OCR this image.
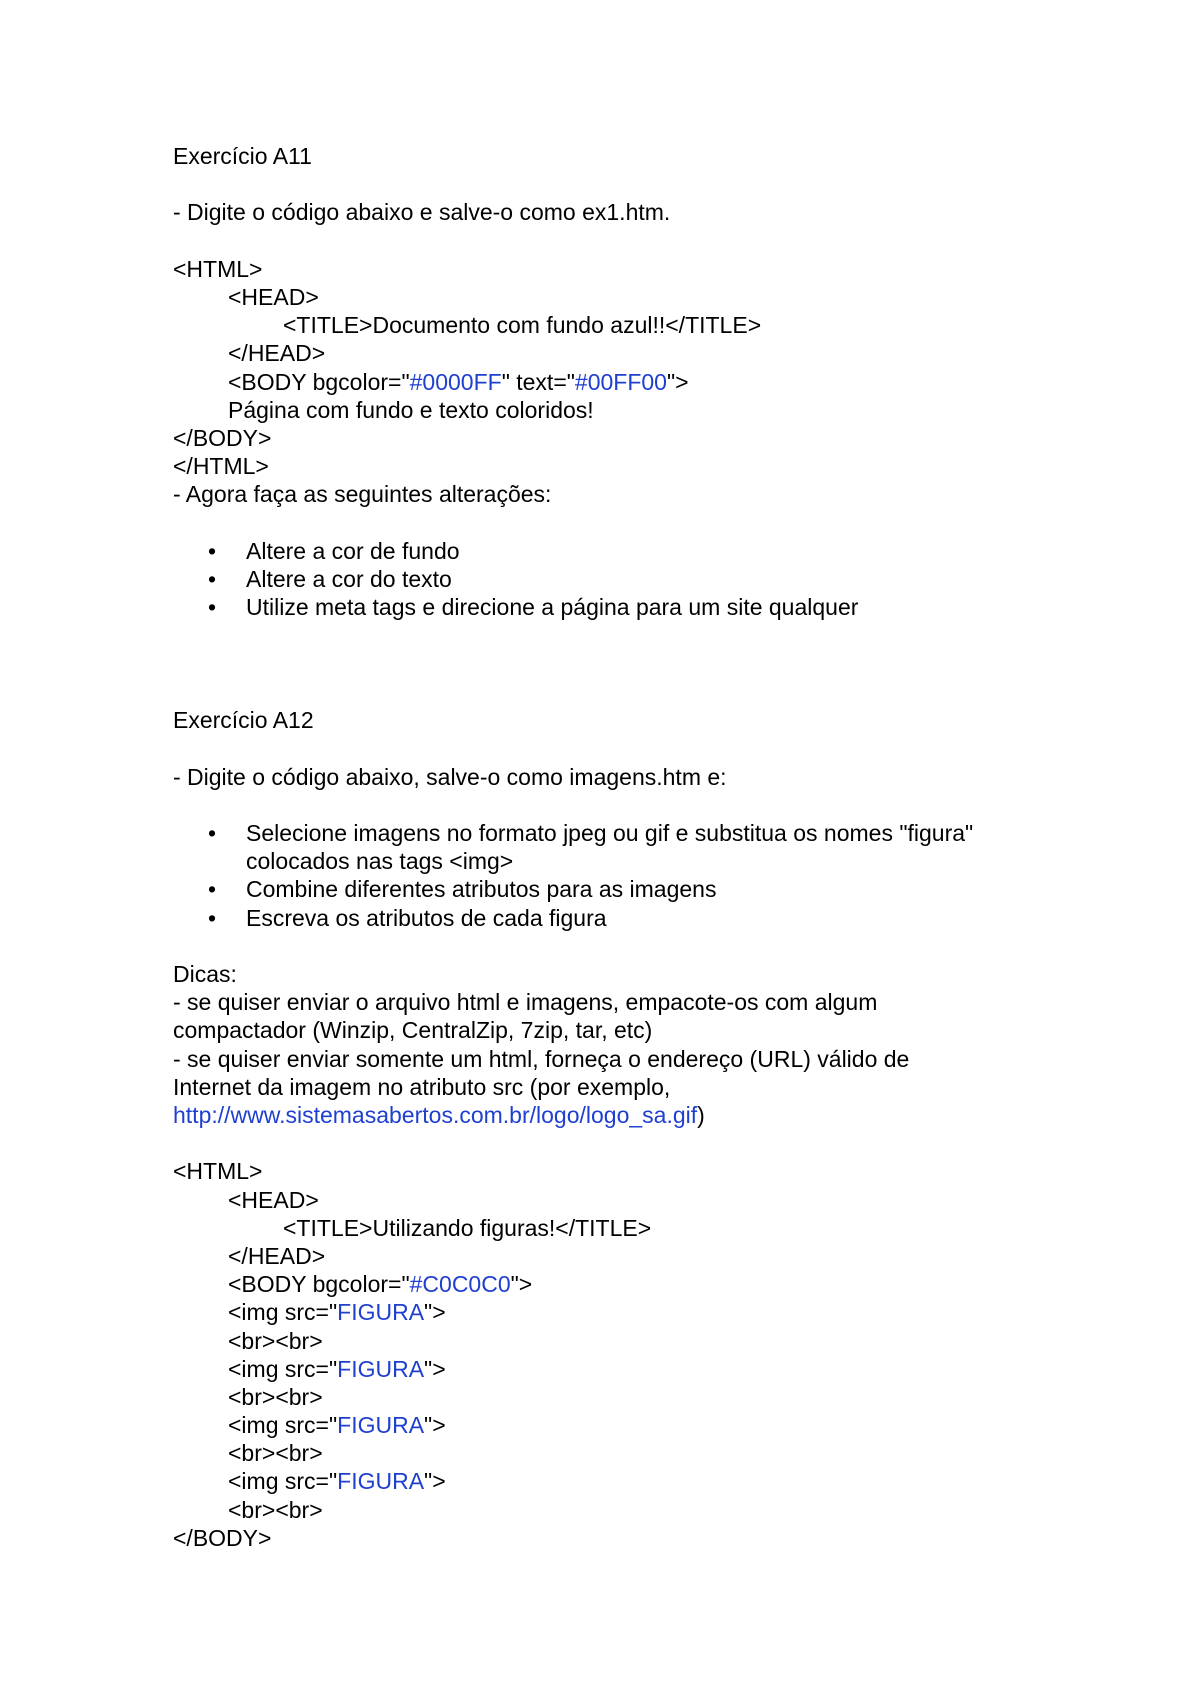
Exercício A11
- Digite o código abaixo e salve-o como ex1.htm.
<HTML>
<HEAD>
<TITLE>Documento com fundo azul!!</TITLE>
</HEAD>
<BODY bgcolor="#0000FF" text="#00FF00">
Página com fundo e texto coloridos!
</BODY>
</HTML>
- Agora faça as seguintes alterações:
• Altere a cor de fundo
• Altere a cor do texto
• Utilize meta tags e direcione a página para um site qualquer
Exercício A12
- Digite o código abaixo, salve-o como imagens.htm e:
• Selecione imagens no formato jpeg ou gif e substitua os nomes "figura" colocados nas tags <img>
• Combine diferentes atributos para as imagens
• Escreva os atributos de cada figura
Dicas:
- se quiser enviar o arquivo html e imagens, empacote-os com algum compactador (Winzip, CentralZip, 7zip, tar, etc)
- se quiser enviar somente um html, forneça o endereço (URL) válido de Internet da imagem no atributo src (por exemplo,
http://www.sistemasabertos.com.br/logo/logo_sa.gif)
<HTML>
<HEAD>
<TITLE>Utilizando figuras!</TITLE>
</HEAD>
<BODY bgcolor="#C0C0C0">
<img src="FIGURA">
<br><br>
<img src="FIGURA">
<br><br>
<img src="FIGURA">
<br><br>
<img src="FIGURA">
<br><br>
</BODY>
